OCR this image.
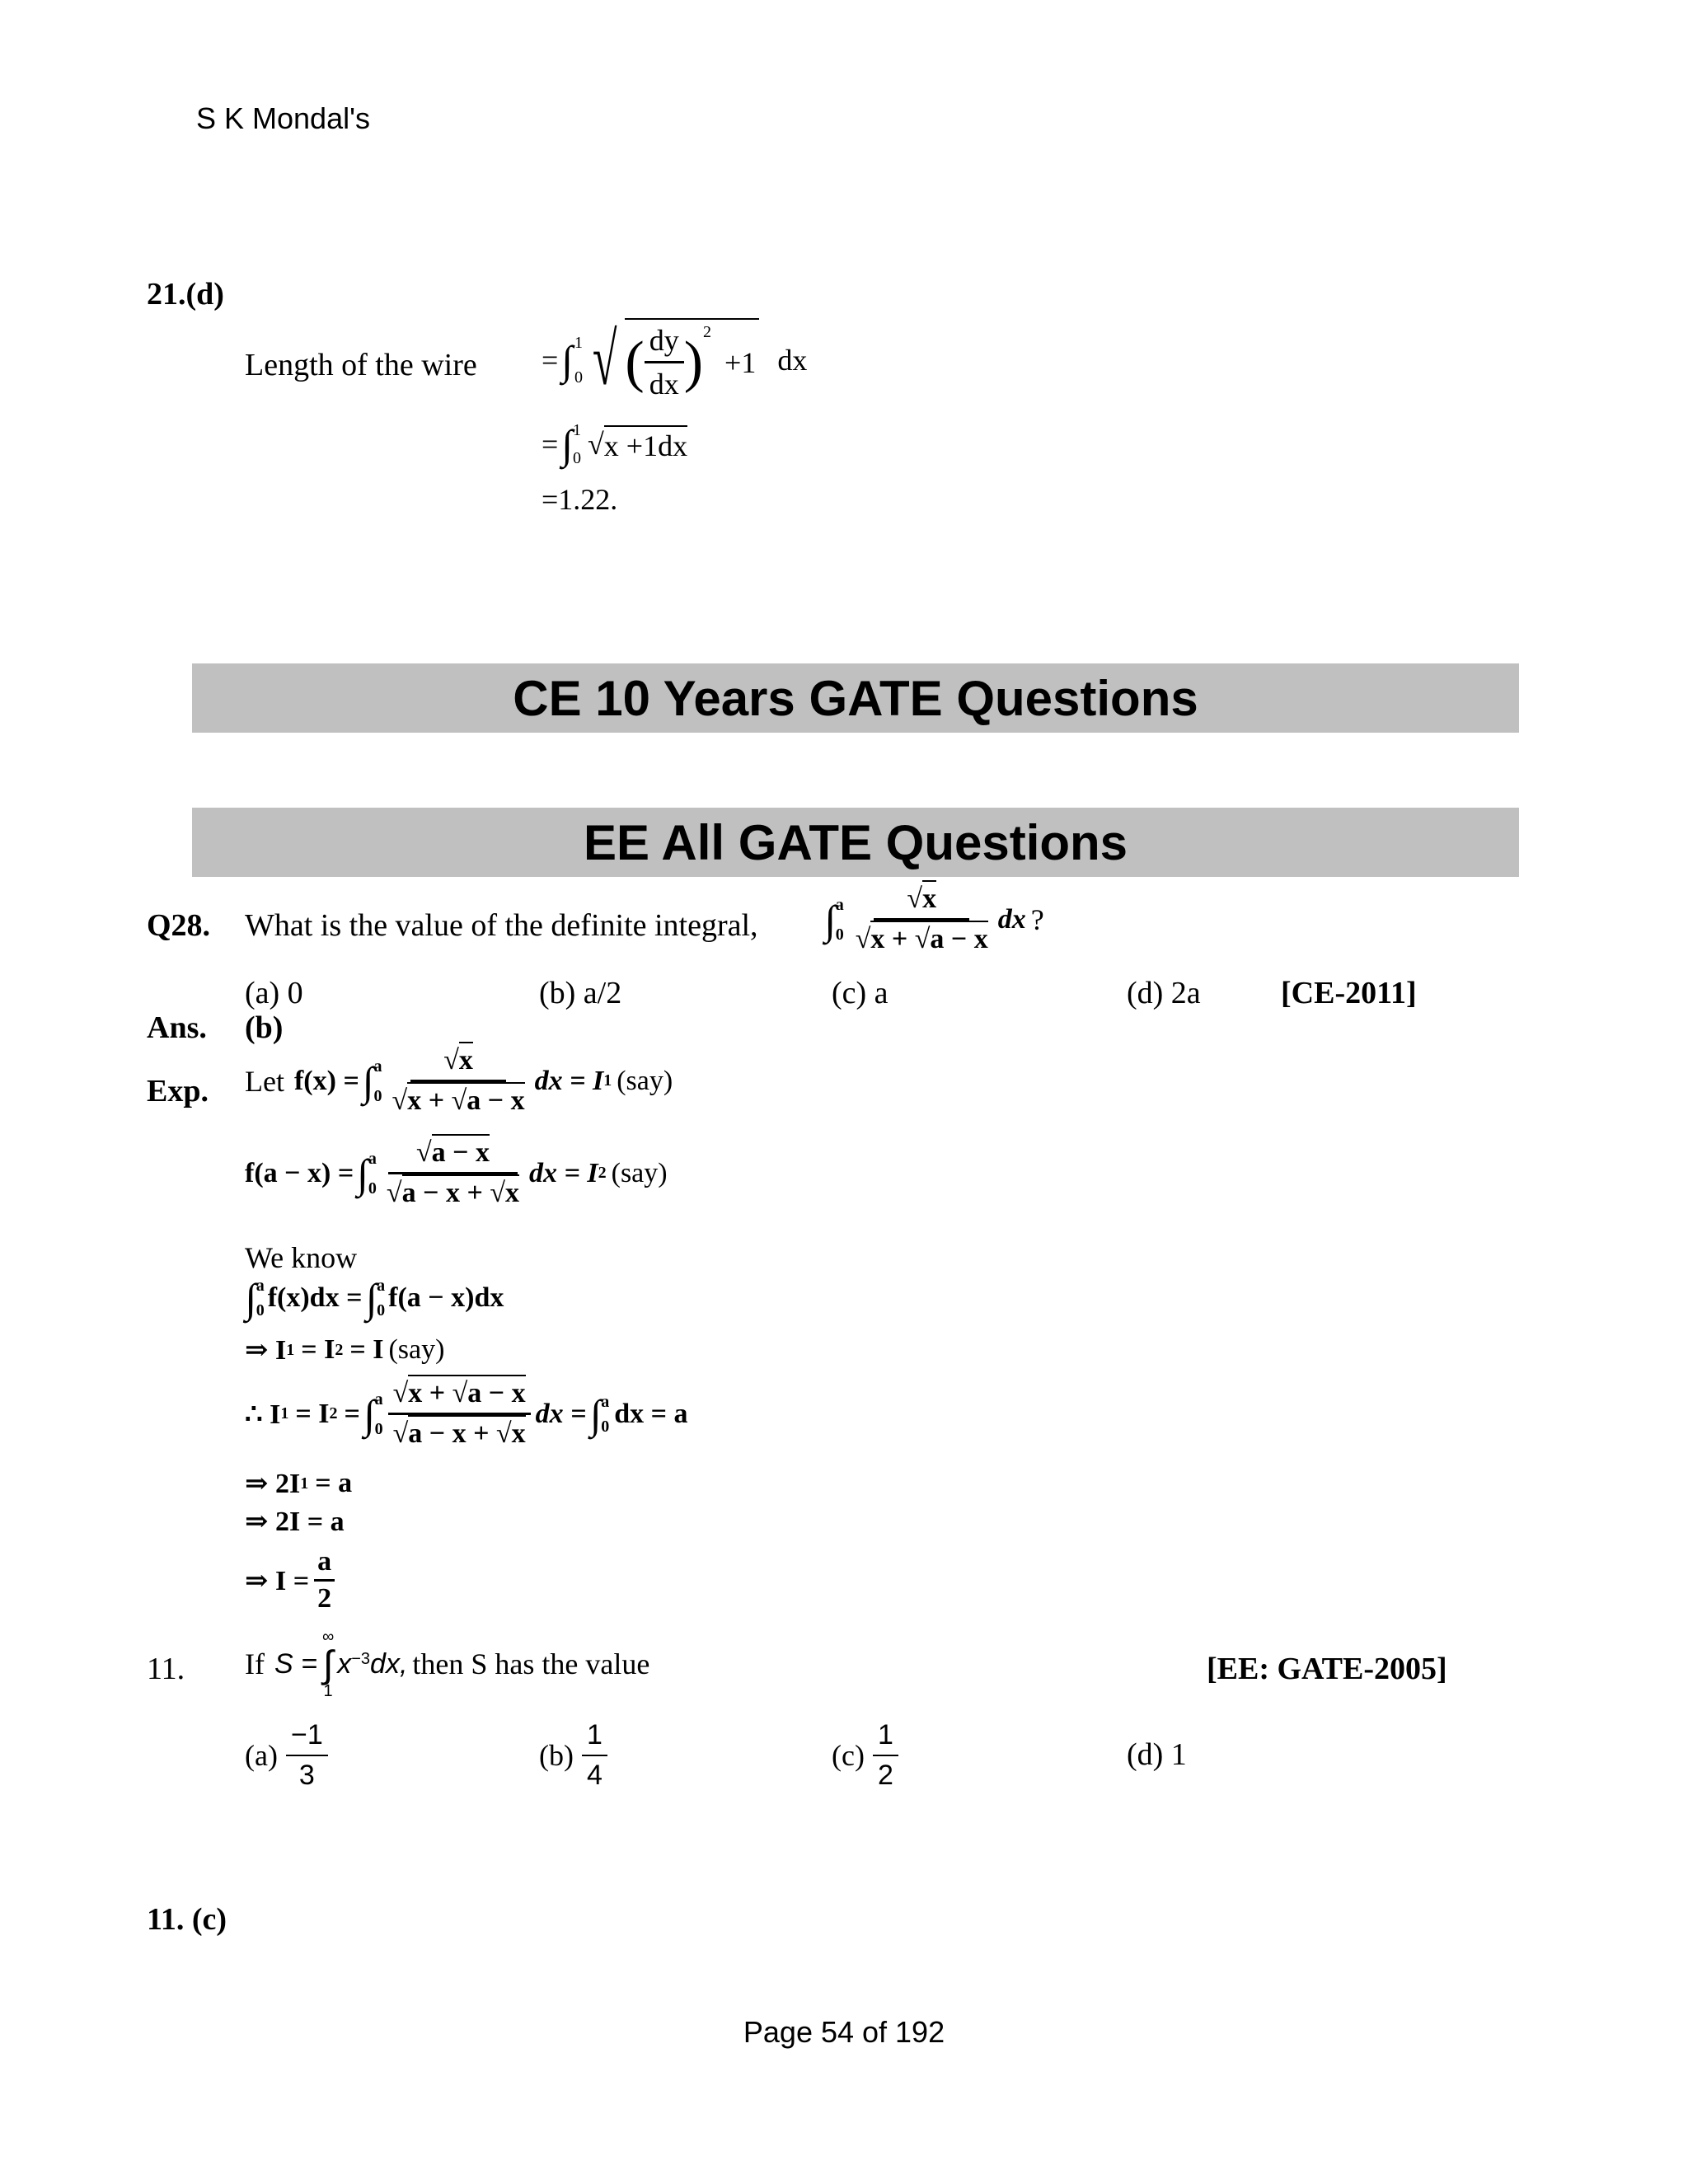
S K Mondal's
21.(d)
Length of the wire = ∫ 1
0 √ ( $\frac{dy}{dx}$ ) 2
+1 dx
= ∫ 1
0 √ x +1dx
=1.22.
CE 10 Years GATE Questions
EE All GATE Questions
Q28. What is the value of the definite integral, ∫ a
$0 \frac{√x}{√x + √a - x}$ dx ?
(a) 0	(b) a/2	(c) a	(d) 2a	[CE-2011]
Ans. (b)
Exp. Let f(x) = ∫ a
$0 \frac{√x}{√x + √a - x}$ dx = I 1 (say)
f(a − x) = ∫ a
$0 \frac{√a - x}{√a - x + √x}$ dx = I 2 (say)
We know
∫ a
0 f(x)dx = ∫ a
0 f(a − x)dx
⇒ I 1 = I 2 = I (say)
∴ I 1 = I 2 = ∫ a
$0 \frac{√x + √a - x}{√a - x + √x}$ dx = ∫ a
0 dx = a
⇒ 2I 1 = a
⇒ 2I = a
⇒ $I = \frac{a}{2}$
11. If S =
∞
∫
1
x −3 dx, then S has the value	[EE: GATE-2005]
$(a) \frac{-1}{3}$	$(b) \frac{1}{4}$	$(c) \frac{1}{2}$	(d) 1
11. (c)
Page 54 of 192
